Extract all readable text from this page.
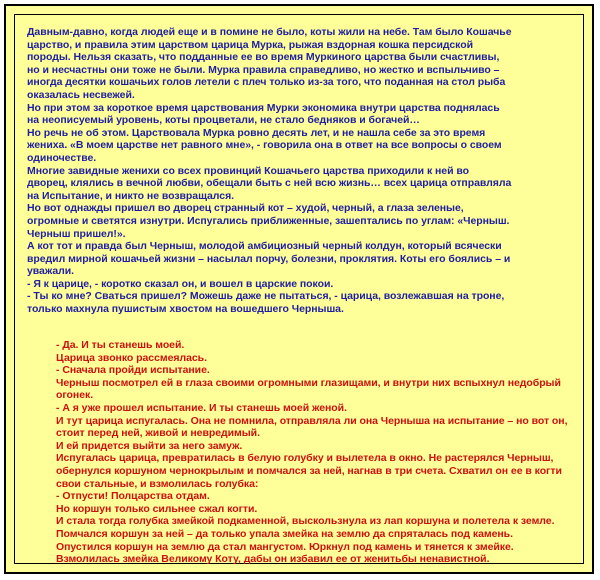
Давным-давно, когда людей еще и в помине не было, коты жили на небе. Там было Кошачье
царство, и правила этим царством царица Мурка, рыжая вздорная кошка персидской
породы. Нельзя сказать, что подданные ее во время Муркиного царства были счастливы,
но и несчастны они тоже не были. Мурка правила справедливо, но жестко и вспыльчиво –
иногда десятки кошачьих голов летели с плеч только из-за того, что поданная на стол рыба
оказалась несвежей.
Но при этом за короткое время царствования Мурки экономика внутри царства поднялась
на неописуемый уровень, коты процветали, не стало бедняков и богачей…
Но речь не об этом. Царствовала Мурка ровно десять лет, и не нашла себе за это время
жениха. «В моем царстве нет равного мне», - говорила она в ответ на все вопросы о своем
одиночестве.
Многие завидные женихи со всех провинций Кошачьего царства приходили к ней во
дворец, клялись в вечной любви, обещали быть с ней всю жизнь… всех царица отправляла
на Испытание, и никто не возвращался.
Но вот однажды пришел во дворец странный кот – худой, черный, а глаза зеленые,
огромные и светятся изнутри. Испугались приближенные, зашептались по углам: «Черныш.
Черныш пришел!».
А кот тот и правда был Черныш, молодой амбициозный черный колдун, который всячески
вредил мирной кошачьей жизни – насылал порчу, болезни, проклятия. Коты его боялись – и
уважали.
- Я к царице, - коротко сказал он, и вошел в царские покои.
- Ты ко мне? Сваться пришел? Можешь даже не пытаться, - царица, возлежавшая на троне,
только махнула пушистым хвостом на вошедшего Черныша.
- Да. И ты станешь моей.
Царица звонко рассмеялась.
- Сначала пройди испытание.
Черныш посмотрел ей в глаза своими огромными глазищами, и внутри них вспыхнул недобрый
огонек.
- А я уже прошел испытание. И ты станешь моей женой.
И тут царица испугалась. Она не помнила, отправляла ли она Черныша на испытание – но вот он,
стоит перед ней, живой и невредимый.
И ей придется выйти за него замуж.
Испугалась царица, превратилась в белую голубку и вылетела в окно. Не растерялся Черныш,
обернулся коршуном чернокрылым и помчался за ней, нагнав в три счета. Схватил он ее в когти
свои стальные, и взмолилась голубка:
- Отпусти! Полцарства отдам.
Но коршун только сильнее сжал когти.
И стала тогда голубка змейкой подкаменной, выскользнула из лап коршуна и полетела к земле.
Помчался коршун за ней – да только упала змейка на землю да спряталась под камень.
Опустился коршун на землю да стал мангустом. Юркнул под камень и тянется к змейке.
Взмолилась змейка Великому Коту, дабы он избавил ее от женитьбы ненавистной.
